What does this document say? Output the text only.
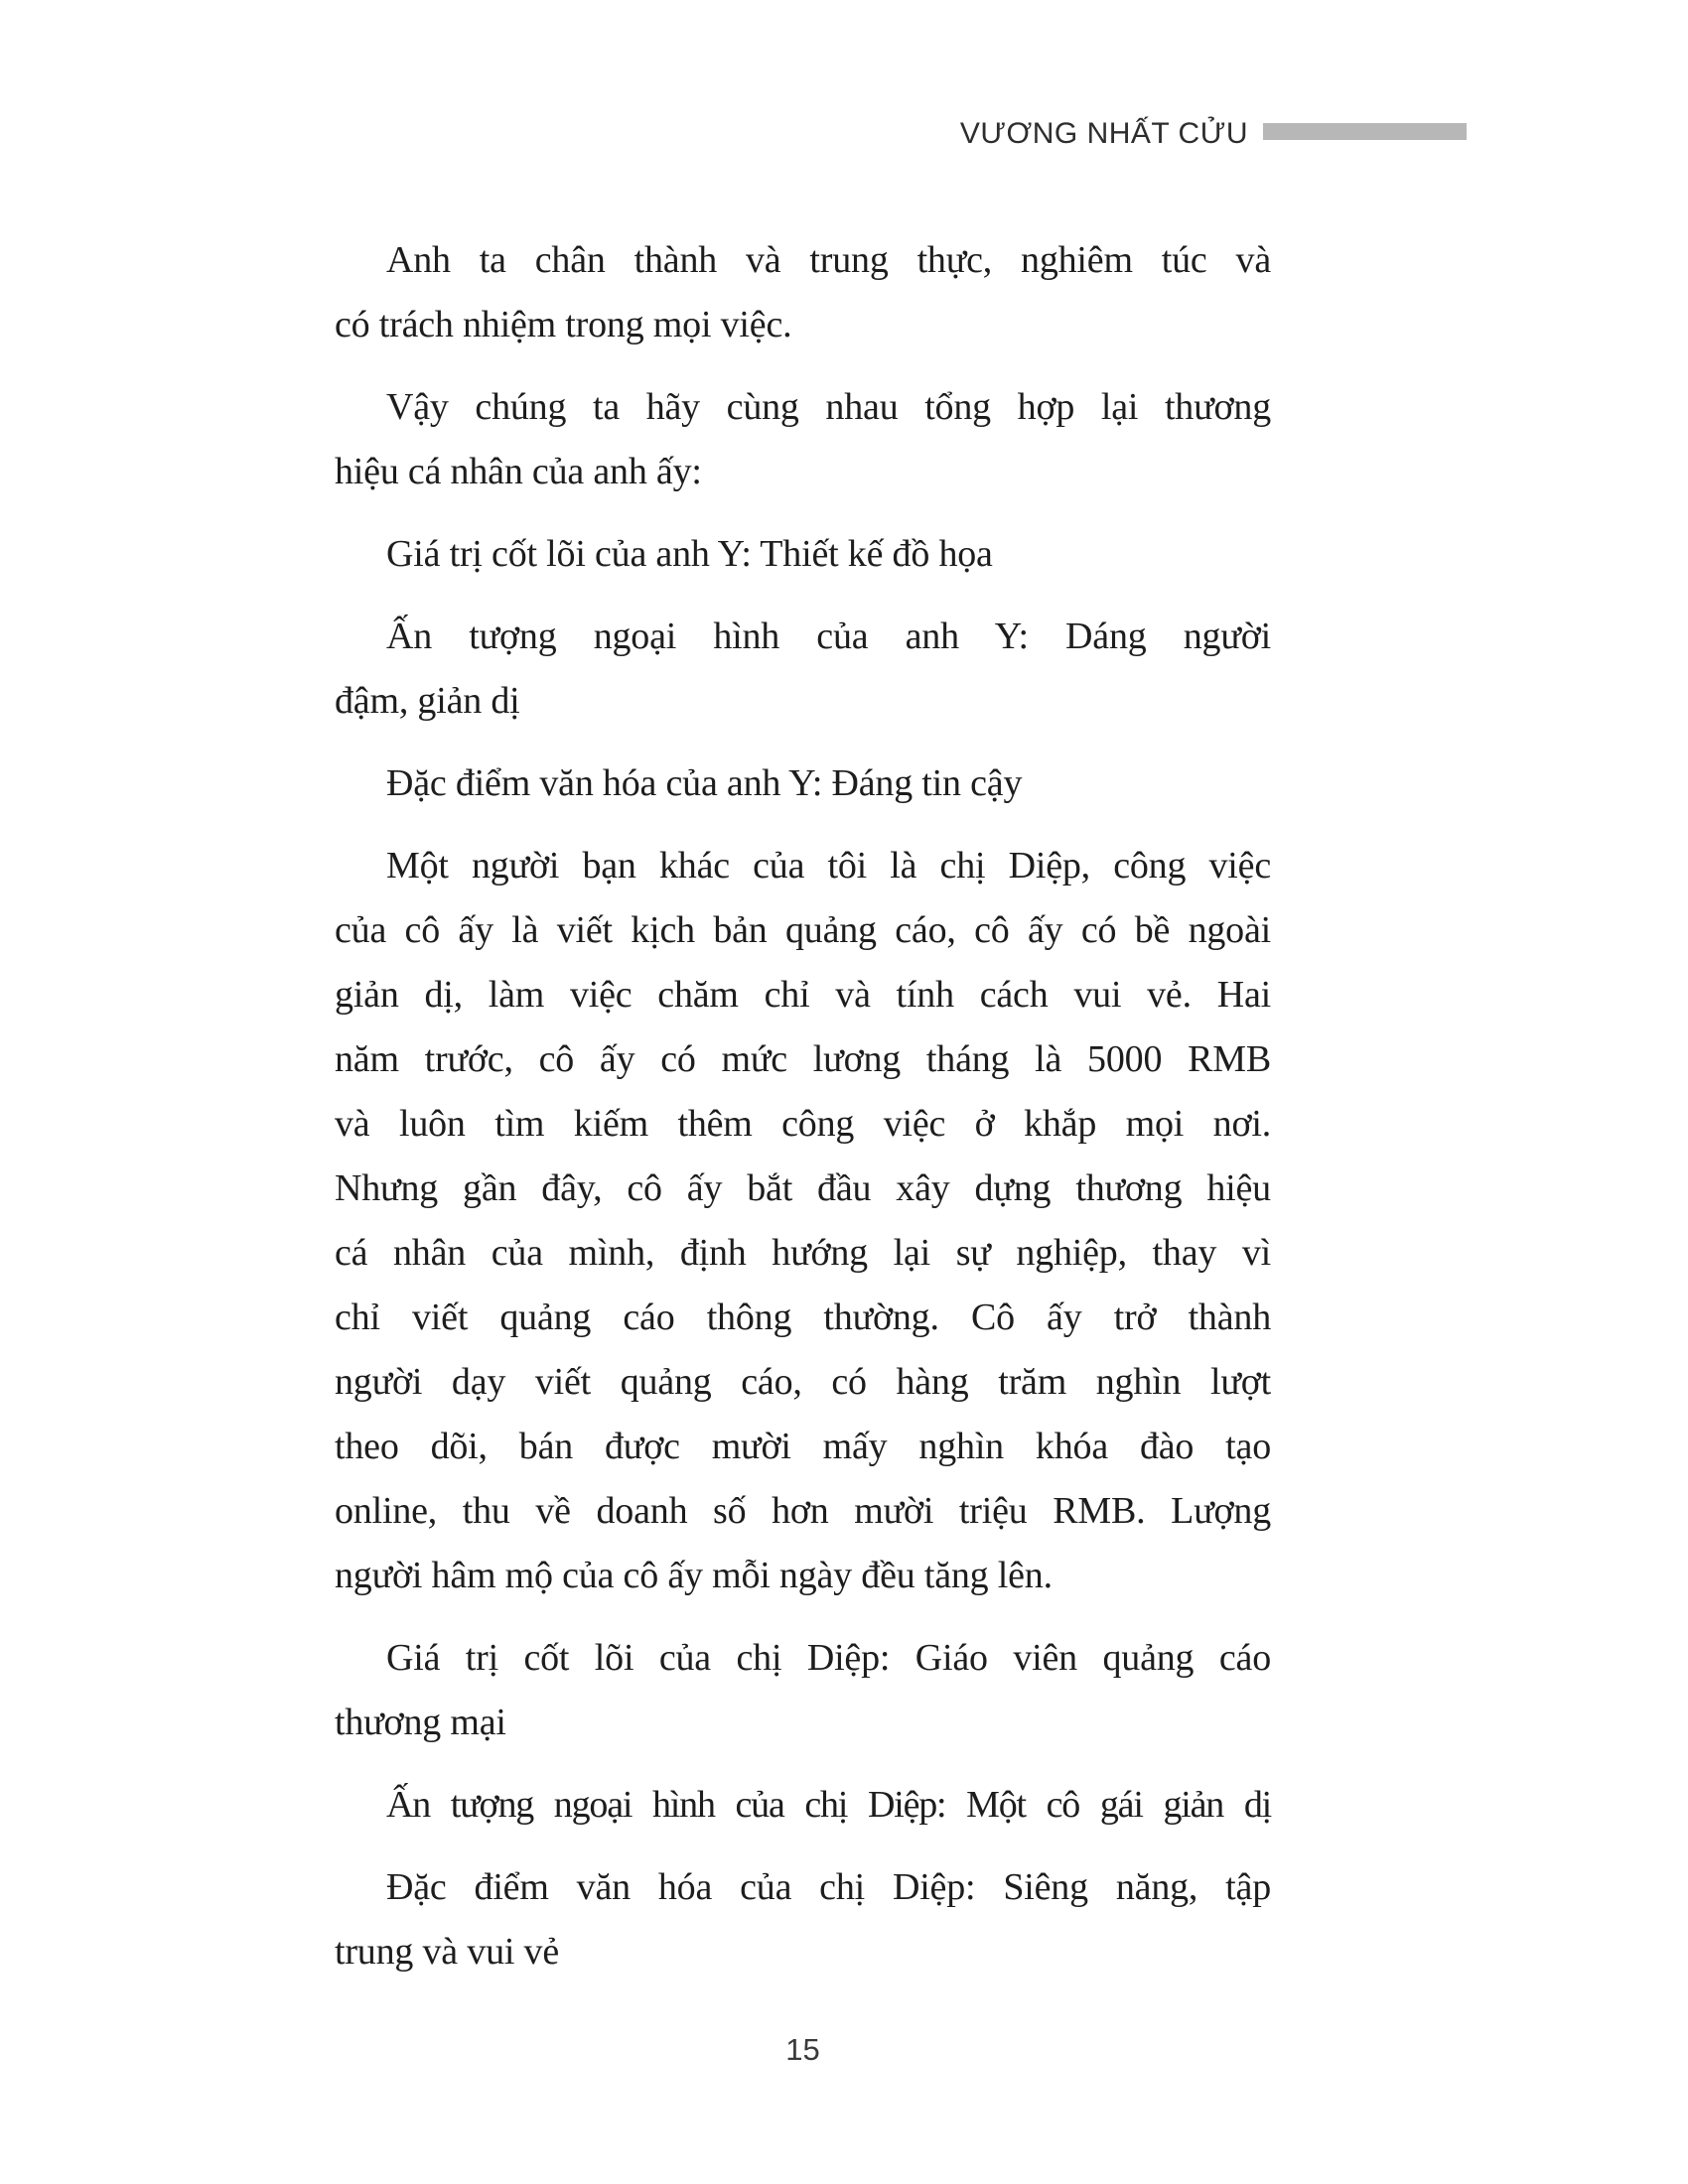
VƯƠNG NHẤT CỬU
Anh ta chân thành và trung thực, nghiêm túc và
có trách nhiệm trong mọi việc.
Vậy chúng ta hãy cùng nhau tổng hợp lại thương
hiệu cá nhân của anh ấy:
Giá trị cốt lõi của anh Y: Thiết kế đồ họa
Ấn tượng ngoại hình của anh Y: Dáng người
đậm, giản dị
Đặc điểm văn hóa của anh Y: Đáng tin cậy
Một người bạn khác của tôi là chị Diệp, công việc
của cô ấy là viết kịch bản quảng cáo, cô ấy có bề ngoài
giản dị, làm việc chăm chỉ và tính cách vui vẻ. Hai
năm trước, cô ấy có mức lương tháng là 5000 RMB
và luôn tìm kiếm thêm công việc ở khắp mọi nơi.
Nhưng gần đây, cô ấy bắt đầu xây dựng thương hiệu
cá nhân của mình, định hướng lại sự nghiệp, thay vì
chỉ viết quảng cáo thông thường. Cô ấy trở thành
người dạy viết quảng cáo, có hàng trăm nghìn lượt
theo dõi, bán được mười mấy nghìn khóa đào tạo
online, thu về doanh số hơn mười triệu RMB. Lượng
người hâm mộ của cô ấy mỗi ngày đều tăng lên.
Giá trị cốt lõi của chị Diệp: Giáo viên quảng cáo
thương mại
Ấn tượng ngoại hình của chị Diệp: Một cô gái giản dị
Đặc điểm văn hóa của chị Diệp: Siêng năng, tập
trung và vui vẻ
15
